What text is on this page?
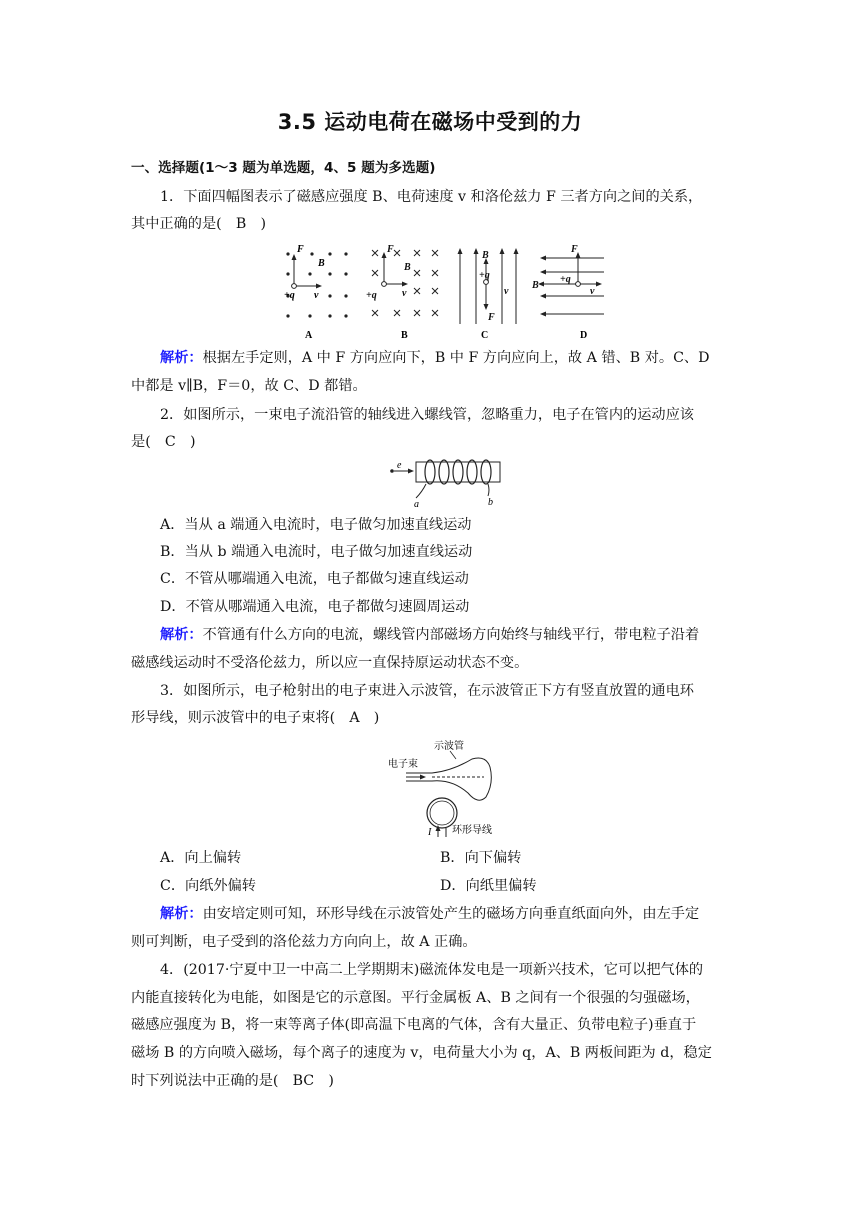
3.5 运动电荷在磁场中受到的力
一、选择题(1～3 题为单选题，4、5 题为多选题)
1．下面四幅图表示了磁感应强度 B、电荷速度 v 和洛伦兹力 F 三者方向之间的关系，
其中正确的是(　B　)
F
B
+q v
F
B
+q	v
B
+q
v
F
F
B
+q
v
A	B	C	D
解析：根据左手定则，A 中 F 方向应向下，B 中 F 方向应向上，故 A 错、B 对。C、D
中都是 v∥B，F＝0，故 C、D 都错。
2．如图所示，一束电子流沿管的轴线进入螺线管，忽略重力，电子在管内的运动应该
是(　C　)
e
a	b
A．当从 a 端通入电流时，电子做匀加速直线运动
B．当从 b 端通入电流时，电子做匀加速直线运动
C．不管从哪端通入电流，电子都做匀速直线运动
D．不管从哪端通入电流，电子都做匀速圆周运动
解析：不管通有什么方向的电流，螺线管内部磁场方向始终与轴线平行，带电粒子沿着
磁感线运动时不受洛伦兹力，所以应一直保持原运动状态不变。
3．如图所示，电子枪射出的电子束进入示波管，在示波管正下方有竖直放置的通电环
形导线，则示波管中的电子束将(　A　)
示波管
电子束
I 环形导线
A．向上偏转	B．向下偏转
C．向纸外偏转	D．向纸里偏转
解析：由安培定则可知，环形导线在示波管处产生的磁场方向垂直纸面向外，由左手定
则可判断，电子受到的洛伦兹力方向向上，故 A 正确。
4．(2017·宁夏中卫一中高二上学期期末)磁流体发电是一项新兴技术，它可以把气体的
内能直接转化为电能，如图是它的示意图。平行金属板 A、B 之间有一个很强的匀强磁场，
磁感应强度为 B，将一束等离子体(即高温下电离的气体，含有大量正、负带电粒子)垂直于
磁场 B 的方向喷入磁场，每个离子的速度为 v，电荷量大小为 q，A、B 两板间距为 d，稳定
时下列说法中正确的是(　BC　)
